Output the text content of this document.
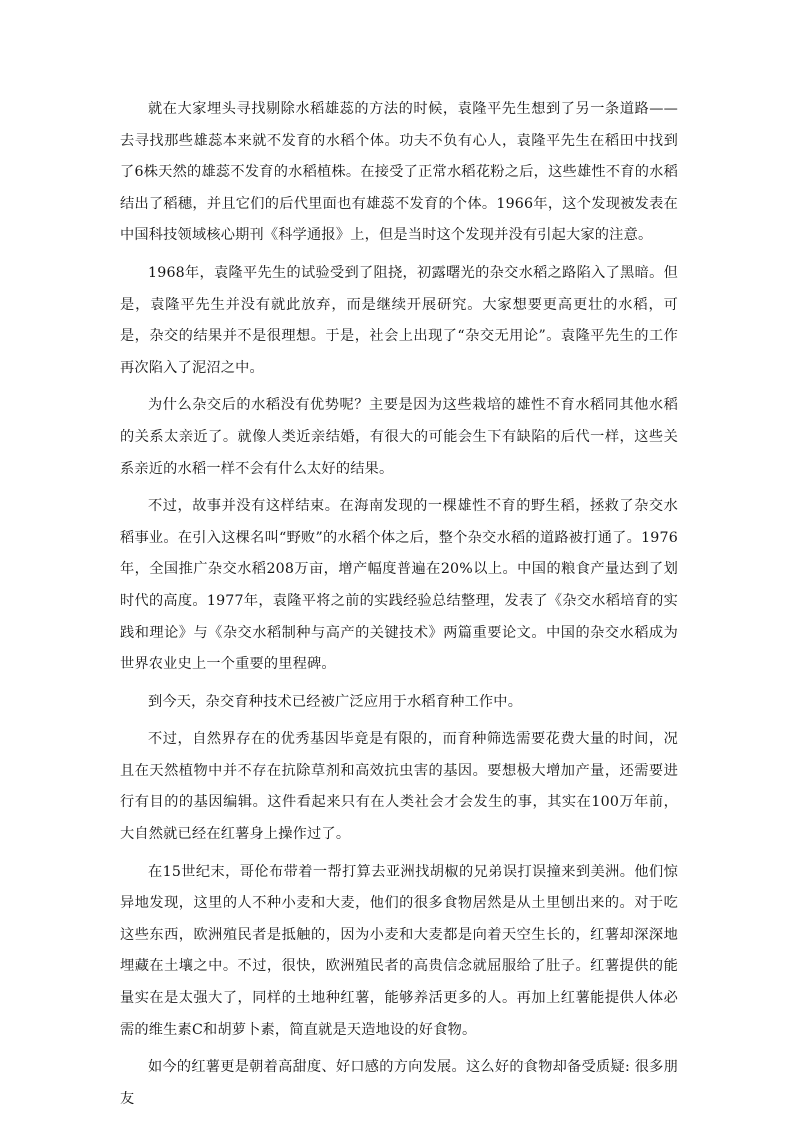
就在大家埋头寻找剔除水稻雄蕊的方法的时候，袁隆平先生想到了另一条道路——去寻找那些雄蕊本来就不发育的水稻个体。功夫不负有心人，袁隆平先生在稻田中找到了6株天然的雄蕊不发育的水稻植株。在接受了正常水稻花粉之后，这些雄性不育的水稻结出了稻穗，并且它们的后代里面也有雄蕊不发育的个体。1966年，这个发现被发表在中国科技领域核心期刊《科学通报》上，但是当时这个发现并没有引起大家的注意。

1968年，袁隆平先生的试验受到了阻挠，初露曙光的杂交水稻之路陷入了黑暗。但是，袁隆平先生并没有就此放弃，而是继续开展研究。大家想要更高更壮的水稻，可是，杂交的结果并不是很理想。于是，社会上出现了“杂交无用论”。袁隆平先生的工作再次陷入了泥沼之中。

为什么杂交后的水稻没有优势呢？主要是因为这些栽培的雄性不育水稻同其他水稻的关系太亲近了。就像人类近亲结婚，有很大的可能会生下有缺陷的后代一样，这些关系亲近的水稻一样不会有什么太好的结果。

不过，故事并没有这样结束。在海南发现的一棵雄性不育的野生稻，拯救了杂交水稻事业。在引入这棵名叫“野败”的水稻个体之后，整个杂交水稻的道路被打通了。1976年，全国推广杂交水稻208万亩，增产幅度普遍在20%以上。中国的粮食产量达到了划时代的高度。1977年，袁隆平将之前的实践经验总结整理，发表了《杂交水稻培育的实践和理论》与《杂交水稻制种与高产的关键技术》两篇重要论文。中国的杂交水稻成为世界农业史上一个重要的里程碑。

到今天，杂交育种技术已经被广泛应用于水稻育种工作中。

不过，自然界存在的优秀基因毕竟是有限的，而育种筛选需要花费大量的时间，况且在天然植物中并不存在抗除草剂和高效抗虫害的基因。要想极大增加产量，还需要进行有目的的基因编辑。这件看起来只有在人类社会才会发生的事，其实在100万年前，大自然就已经在红薯身上操作过了。

在15世纪末，哥伦布带着一帮打算去亚洲找胡椒的兄弟误打误撞来到美洲。他们惊异地发现，这里的人不种小麦和大麦，他们的很多食物居然是从土里刨出来的。对于吃这些东西，欧洲殖民者是抵触的，因为小麦和大麦都是向着天空生长的，红薯却深深地埋藏在土壤之中。不过，很快，欧洲殖民者的高贵信念就屈服给了肚子。红薯提供的能量实在是太强大了，同样的土地种红薯，能够养活更多的人。再加上红薯能提供人体必需的维生素C和胡萝卜素，简直就是天造地设的好食物。

如今的红薯更是朝着高甜度、好口感的方向发展。这么好的食物却备受质疑: 很多朋友
